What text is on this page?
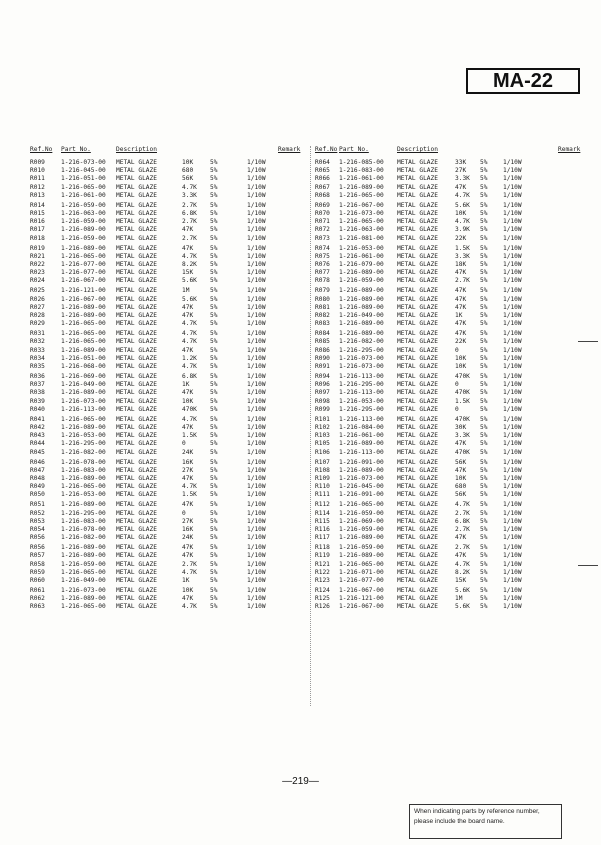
MA-22
Ref.No Part No.	Description	Remark Ref.No Part No.	Description	Remark
R009	1-216-073-00 METAL GLAZE	10K	5%	1/10W
R010	1-216-045-00 METAL GLAZE	680	5%	1/10W
R011	1-216-051-00 METAL GLAZE	56K	5%	1/10W
R012	1-216-065-00 METAL GLAZE	4.7K 5%	1/10W
R013	1-216-061-00 METAL GLAZE	3.3K 5%	1/10W
R014	1-216-059-00 METAL GLAZE	2.7K 5%	1/10W
R015	1-216-063-00 METAL GLAZE	6.8K 5%	1/10W
R016	1-216-059-00 METAL GLAZE	2.7K 5%	1/10W
R017	1-216-089-00 METAL GLAZE	47K	5%	1/10W
R018	1-216-059-00 METAL GLAZE	2.7K 5%	1/10W
R019	1-216-089-00 METAL GLAZE	47K	5%	1/10W
R021	1-216-065-00 METAL GLAZE	4.7K 5%	1/10W
R022	1-216-077-00 METAL GLAZE	8.2K 5%	1/10W
R023	1-216-077-00 METAL GLAZE	15K	5%	1/10W
R024	1-216-067-00 METAL GLAZE	5.6K 5%	1/10W
R025	1-216-121-00 METAL GLAZE	1M	5%	1/10W
R026	1-216-067-00 METAL GLAZE	5.6K 5%	1/10W
R027	1-216-089-00 METAL GLAZE	47K	5%	1/10W
R028	1-216-089-00 METAL GLAZE	47K	5%	1/10W
R029	1-216-065-00 METAL GLAZE	4.7K 5%	1/10W
R031	1-216-065-00 METAL GLAZE	4.7K 5%	1/10W
R032	1-216-065-00 METAL GLAZE	4.7K 5%	1/10W
R033	1-216-089-00 METAL GLAZE	47K	5%	1/10W
R034	1-216-051-00 METAL GLAZE	1.2K 5%	1/10W
R035	1-216-068-00 METAL GLAZE	4.7K 5%	1/10W
R036	1-216-069-00 METAL GLAZE	6.8K 5%	1/10W
R037	1-216-049-00 METAL GLAZE	1K	5%	1/10W
R038	1-216-089-00 METAL GLAZE	47K	5%	1/10W
R039	1-216-073-00 METAL GLAZE	10K	5%	1/10W
R040	1-216-113-00 METAL GLAZE	470K 5%	1/10W
R041	1-216-065-00 METAL GLAZE	4.7K 5%	1/10W
R042	1-216-089-00 METAL GLAZE	47K	5%	1/10W
R043	1-216-053-00 METAL GLAZE	1.5K 5%	1/10W
R044	1-216-295-00 METAL GLAZE	0	5%	1/10W
R045	1-216-082-00 METAL GLAZE	24K	5%	1/10W
R046	1-216-078-00 METAL GLAZE	16K	5%	1/10W
R047	1-216-083-00 METAL GLAZE	27K	5%	1/10W
R048	1-216-089-00 METAL GLAZE	47K	5%	1/10W
R049	1-216-065-00 METAL GLAZE	4.7K 5%	1/10W
R050	1-216-053-00 METAL GLAZE	1.5K 5%	1/10W
R051	1-216-089-00 METAL GLAZE	47K	5%	1/10W
R052	1-216-295-00 METAL GLAZE	0	5%	1/10W
R053	1-216-083-00 METAL GLAZE	27K	5%	1/10W
R054	1-216-078-00 METAL GLAZE	16K	5%	1/10W
R056	1-216-082-00 METAL GLAZE	24K	5%	1/10W
R056	1-216-089-00 METAL GLAZE	47K	5%	1/10W
R057	1-216-089-00 METAL GLAZE	47K	5%	1/10W
R058	1-216-059-00 METAL GLAZE	2.7K 5%	1/10W
R059	1-216-065-00 METAL GLAZE	4.7K 5%	1/10W
R060	1-216-049-00 METAL GLAZE	1K	5%	1/10W
R061	1-216-073-00 METAL GLAZE	10K	5%	1/10W
R062	1-216-089-00 METAL GLAZE	47K	5%	1/10W
R063	1-216-065-00 METAL GLAZE	4.7K 5%	1/10W
R064 1-216-085-00 METAL GLAZE	33K 5%	1/10W
R065 1-216-083-00 METAL GLAZE	27K 5%	1/10W
R066 1-216-061-00 METAL GLAZE	3.3K 5%	1/10W
R067 1-216-089-00 METAL GLAZE	47K 5%	1/10W
R068 1-216-065-00 METAL GLAZE	4.7K 5%	1/10W
R069 1-216-067-00 METAL GLAZE	5.6K 5%	1/10W
R070 1-216-073-00 METAL GLAZE	10K 5%	1/10W
R071 1-216-065-00 METAL GLAZE	4.7K 5%	1/10W
R072 1-216-063-00 METAL GLAZE	3.9K 5%	1/10W
R073 1-216-081-00 METAL GLAZE	22K 5%	1/10W
R074 1-216-053-00 METAL GLAZE	1.5K 5%	1/10W
R075 1-216-061-00 METAL GLAZE	3.3K 5%	1/10W
R076 1-216-079-00 METAL GLAZE	18K 5%	1/10W
R077 1-216-089-00 METAL GLAZE	47K 5%	1/10W
R078 1-216-059-00 METAL GLAZE	2.7K 5%	1/10W
R079 1-216-089-00 METAL GLAZE	47K 5%	1/10W
R080 1-216-089-00 METAL GLAZE	47K 5%	1/10W
R081 1-216-089-00 METAL GLAZE	47K 5%	1/10W
R082 1-216-049-00 METAL GLAZE	1K	5%	1/10W
R083 1-216-089-00 METAL GLAZE	47K 5%	1/10W
R084 1-216-089-00 METAL GLAZE	47K 5%	1/10W
R085 1-216-082-00 METAL GLAZE	22K 5%	1/10W
R086 1-216-295-00 METAL GLAZE	0	5%	1/10W
R090 1-216-073-00 METAL GLAZE	10K 5%	1/10W
R091 1-216-073-00 METAL GLAZE	10K 5%	1/10W
R094 1-216-113-00 METAL GLAZE	470K 5%	1/10W
R096 1-216-295-00 METAL GLAZE	0	5%	1/10W
R097 1-216-113-00 METAL GLAZE	470K 5%	1/10W
R098 1-216-053-00 METAL GLAZE	1.5K 5%	1/10W
R099 1-216-295-00 METAL GLAZE	0	5%	1/10W
R101 1-216-113-00 METAL GLAZE	470K 5%	1/10W
R102 1-216-084-00 METAL GLAZE	30K 5%	1/10W
R103 1-216-061-00 METAL GLAZE	3.3K 5%	1/10W
R105 1-216-089-00 METAL GLAZE	47K 5%	1/10W
R106 1-216-113-00 METAL GLAZE	470K 5%	1/10W
R107 1-216-091-00 METAL GLAZE	56K 5%	1/10W
R108 1-216-089-00 METAL GLAZE	47K 5%	1/10W
R109 1-216-073-00 METAL GLAZE	10K 5%	1/10W
R110 1-216-045-00 METAL GLAZE	680 5%	1/10W
R111 1-216-091-00 METAL GLAZE	56K 5%	1/10W
R112 1-216-065-00 METAL GLAZE	4.7K 5%	1/10W
R114 1-216-059-00 METAL GLAZE	2.7K 5%	1/10W
R115 1-216-069-00 METAL GLAZE	6.8K 5%	1/10W
R116 1-216-059-00 METAL GLAZE	2.7K 5%	1/10W
R117 1-216-089-00 METAL GLAZE	47K 5%	1/10W
R118 1-216-059-00 METAL GLAZE	2.7K 5%	1/10W
R119 1-216-089-00 METAL GLAZE	47K 5%	1/10W
R121 1-216-065-00 METAL GLAZE	4.7K 5%	1/10W
R122 1-216-071-00 METAL GLAZE	8.2K 5%	1/10W
R123 1-216-077-00 METAL GLAZE	15K 5%	1/10W
R124 1-216-067-00 METAL GLAZE	5.6K 5%	1/10W
R125 1-216-121-00 METAL GLAZE	1M	5%	1/10W
R126 1-216-067-00 METAL GLAZE	5.6K 5%	1/10W
—219—
When indicating parts by reference number, please include the board name.
